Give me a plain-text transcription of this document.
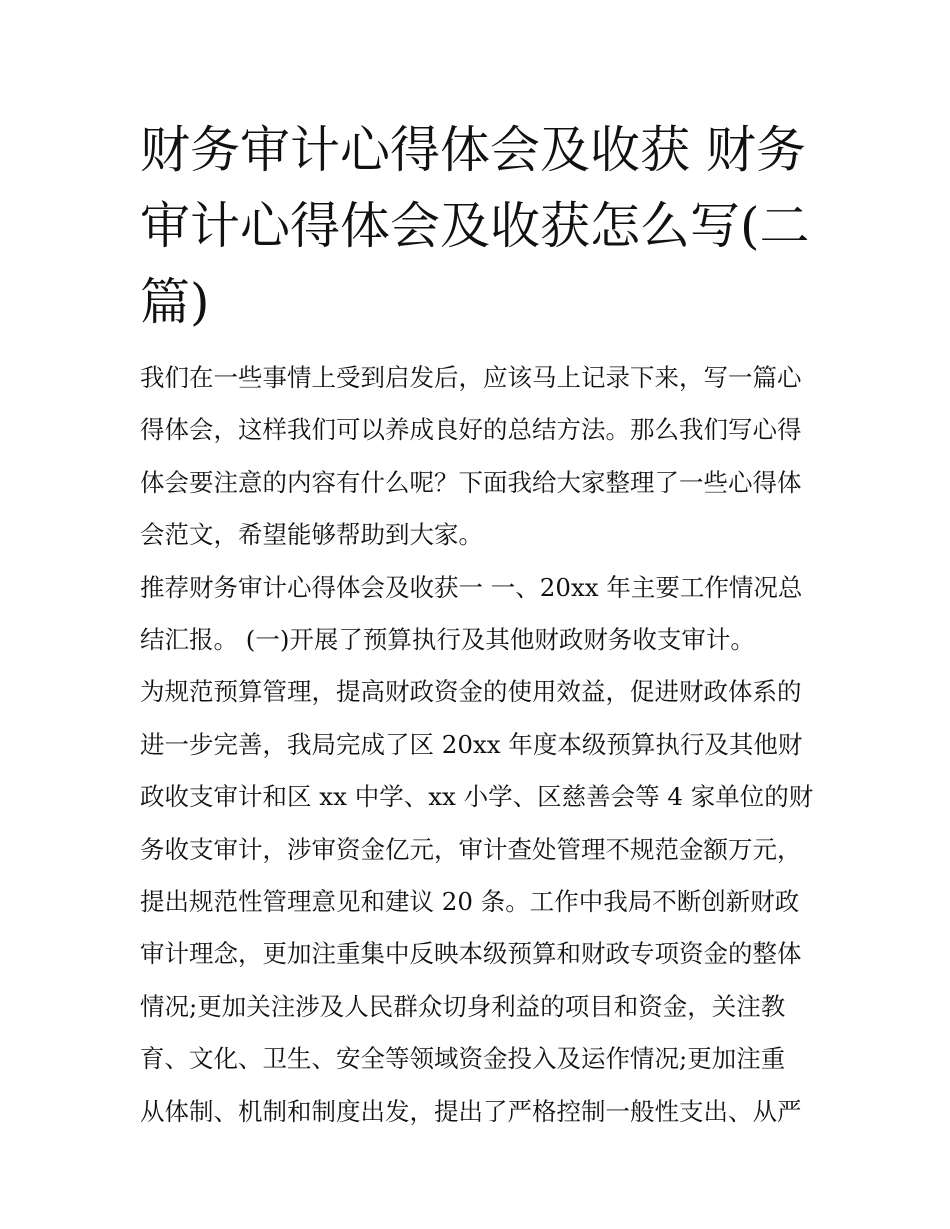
财务审计心得体会及收获 财务
审计心得体会及收获怎么写(二
篇)

我们在一些事情上受到启发后，应该马上记录下来，写一篇心
得体会，这样我们可以养成良好的总结方法。那么我们写心得
体会要注意的内容有什么呢？下面我给大家整理了一些心得体
会范文，希望能够帮助到大家。

推荐财务审计心得体会及收获一 一、20xx 年主要工作情况总
结汇报。 (一)开展了预算执行及其他财政财务收支审计。

为规范预算管理，提高财政资金的使用效益，促进财政体系的
进一步完善，我局完成了区 20xx 年度本级预算执行及其他财
政收支审计和区 xx 中学、xx 小学、区慈善会等 4 家单位的财
务收支审计，涉审资金亿元，审计查处管理不规范金额万元，
提出规范性管理意见和建议 20 条。工作中我局不断创新财政
审计理念，更加注重集中反映本级预算和财政专项资金的整体
情况;更加关注涉及人民群众切身利益的项目和资金，关注教
育、文化、卫生、安全等领域资金投入及运作情况;更加注重
从体制、机制和制度出发，提出了严格控制一般性支出、从严
